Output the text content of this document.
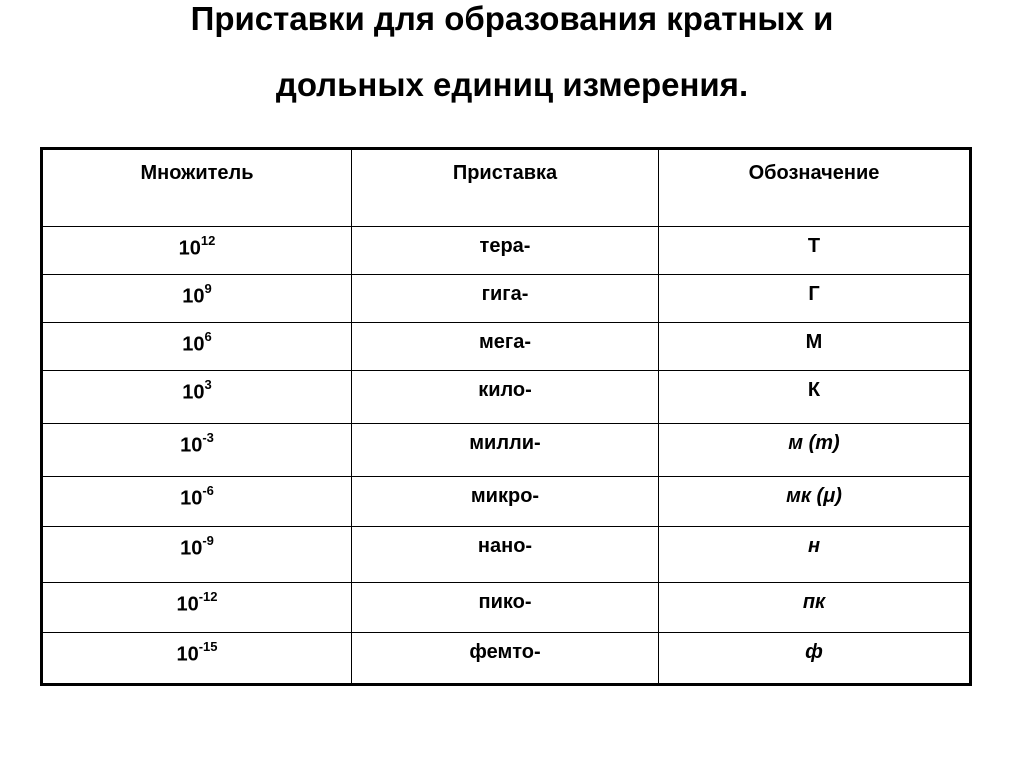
Приставки для образования кратных и
дольных единиц измерения.
Множитель	Приставка	Обозначение
$10^{12}$	тера-	Т
$10^9$	гига-	Г
$10^6$	мега-	М
$10^3$	кило-	К
$10^{-3}$	милли-	м (m)
$10^{-6}$	микро-	мк (μ)
$10^{-9}$	нано-	н
$10^{-12}$	пико-	пк
$10^{-15}$	фемто-	ф
